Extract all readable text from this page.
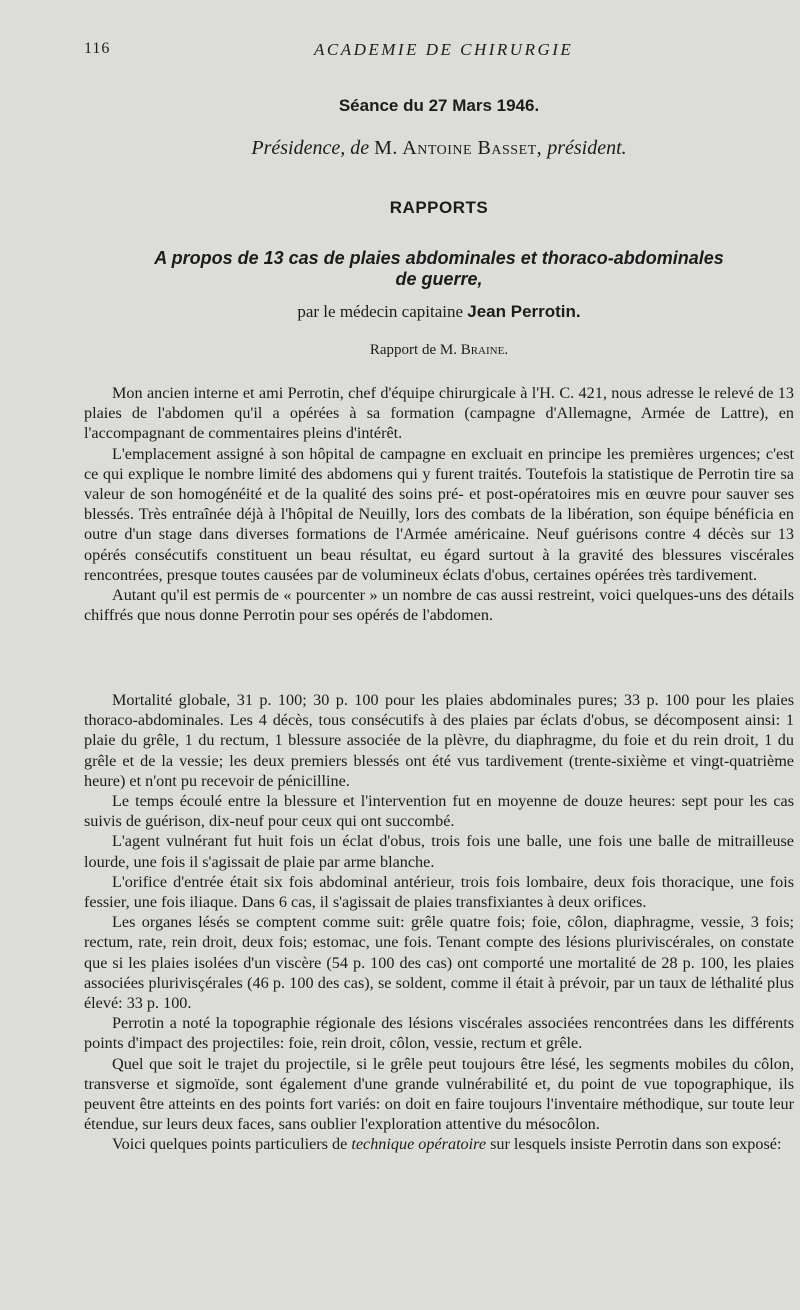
116	ACADEMIE DE CHIRURGIE
Séance du 27 Mars 1946.
Présidence, de M. Antoine Basset, président.
RAPPORTS
A propos de 13 cas de plaies abdominales et thoraco-abdominales
de guerre,
par le médecin capitaine Jean Perrotin.
Rapport de M. Braine.

Mon ancien interne et ami Perrotin, chef d'équipe chirurgicale à l'H. C. 421, nous adresse le relevé de 13 plaies de l'abdomen qu'il a opérées à sa formation (campagne d'Allemagne, Armée de Lattre), en l'accompagnant de commentaires pleins d'intérêt.

L'emplacement assigné à son hôpital de campagne en excluait en principe les premières urgences; c'est ce qui explique le nombre limité des abdomens qui y furent traités. Toutefois la statistique de Perrotin tire sa valeur de son homogénéité et de la qualité des soins pré- et post-opératoires mis en œuvre pour sauver ses blessés. Très entraînée déjà à l'hôpital de Neuilly, lors des combats de la libération, son équipe bénéficia en outre d'un stage dans diverses formations de l'Armée américaine. Neuf guérisons contre 4 décès sur 13 opérés consécutifs constituent un beau résultat, eu égard surtout à la gravité des blessures viscérales rencontrées, presque toutes causées par de volumineux éclats d'obus, certaines opérées très tardivement.

Autant qu'il est permis de « pourcenter » un nombre de cas aussi restreint, voici quelques-uns des détails chiffrés que nous donne Perrotin pour ses opérés de l'abdomen.

Mortalité globale, 31 p. 100; 30 p. 100 pour les plaies abdominales pures; 33 p. 100 pour les plaies thoraco-abdominales. Les 4 décès, tous consécutifs à des plaies par éclats d'obus, se décomposent ainsi: 1 plaie du grêle, 1 du rectum, 1 blessure associée de la plèvre, du diaphragme, du foie et du rein droit, 1 du grêle et de la vessie; les deux premiers blessés ont été vus tardivement (trente-sixième et vingt-quatrième heure) et n'ont pu recevoir de pénicilline.

Le temps écoulé entre la blessure et l'intervention fut en moyenne de douze heures: sept pour les cas suivis de guérison, dix-neuf pour ceux qui ont succombé.

L'agent vulnérant fut huit fois un éclat d'obus, trois fois une balle, une fois une balle de mitrailleuse lourde, une fois il s'agissait de plaie par arme blanche.

L'orifice d'entrée était six fois abdominal antérieur, trois fois lombaire, deux fois thoracique, une fois fessier, une fois iliaque. Dans 6 cas, il s'agissait de plaies transfixiantes à deux orifices.

Les organes lésés se comptent comme suit: grêle quatre fois; foie, côlon, diaphragme, vessie, 3 fois; rectum, rate, rein droit, deux fois; estomac, une fois. Tenant compte des lésions pluriviscérales, on constate que si les plaies isolées d'un viscère (54 p. 100 des cas) ont comporté une mortalité de 28 p. 100, les plaies associées plurivisçérales (46 p. 100 des cas), se soldent, comme il était à prévoir, par un taux de léthalité plus élevé: 33 p. 100.

Perrotin a noté la topographie régionale des lésions viscérales associées rencontrées dans les différents points d'impact des projectiles: foie, rein droit, côlon, vessie, rectum et grêle.

Quel que soit le trajet du projectile, si le grêle peut toujours être lésé, les segments mobiles du côlon, transverse et sigmoïde, sont également d'une grande vulnérabilité et, du point de vue topographique, ils peuvent être atteints en des points fort variés: on doit en faire toujours l'inventaire méthodique, sur toute leur étendue, sur leurs deux faces, sans oublier l'exploration attentive du mésocôlon.

Voici quelques points particuliers de technique opératoire sur lesquels insiste Perrotin dans son exposé:
